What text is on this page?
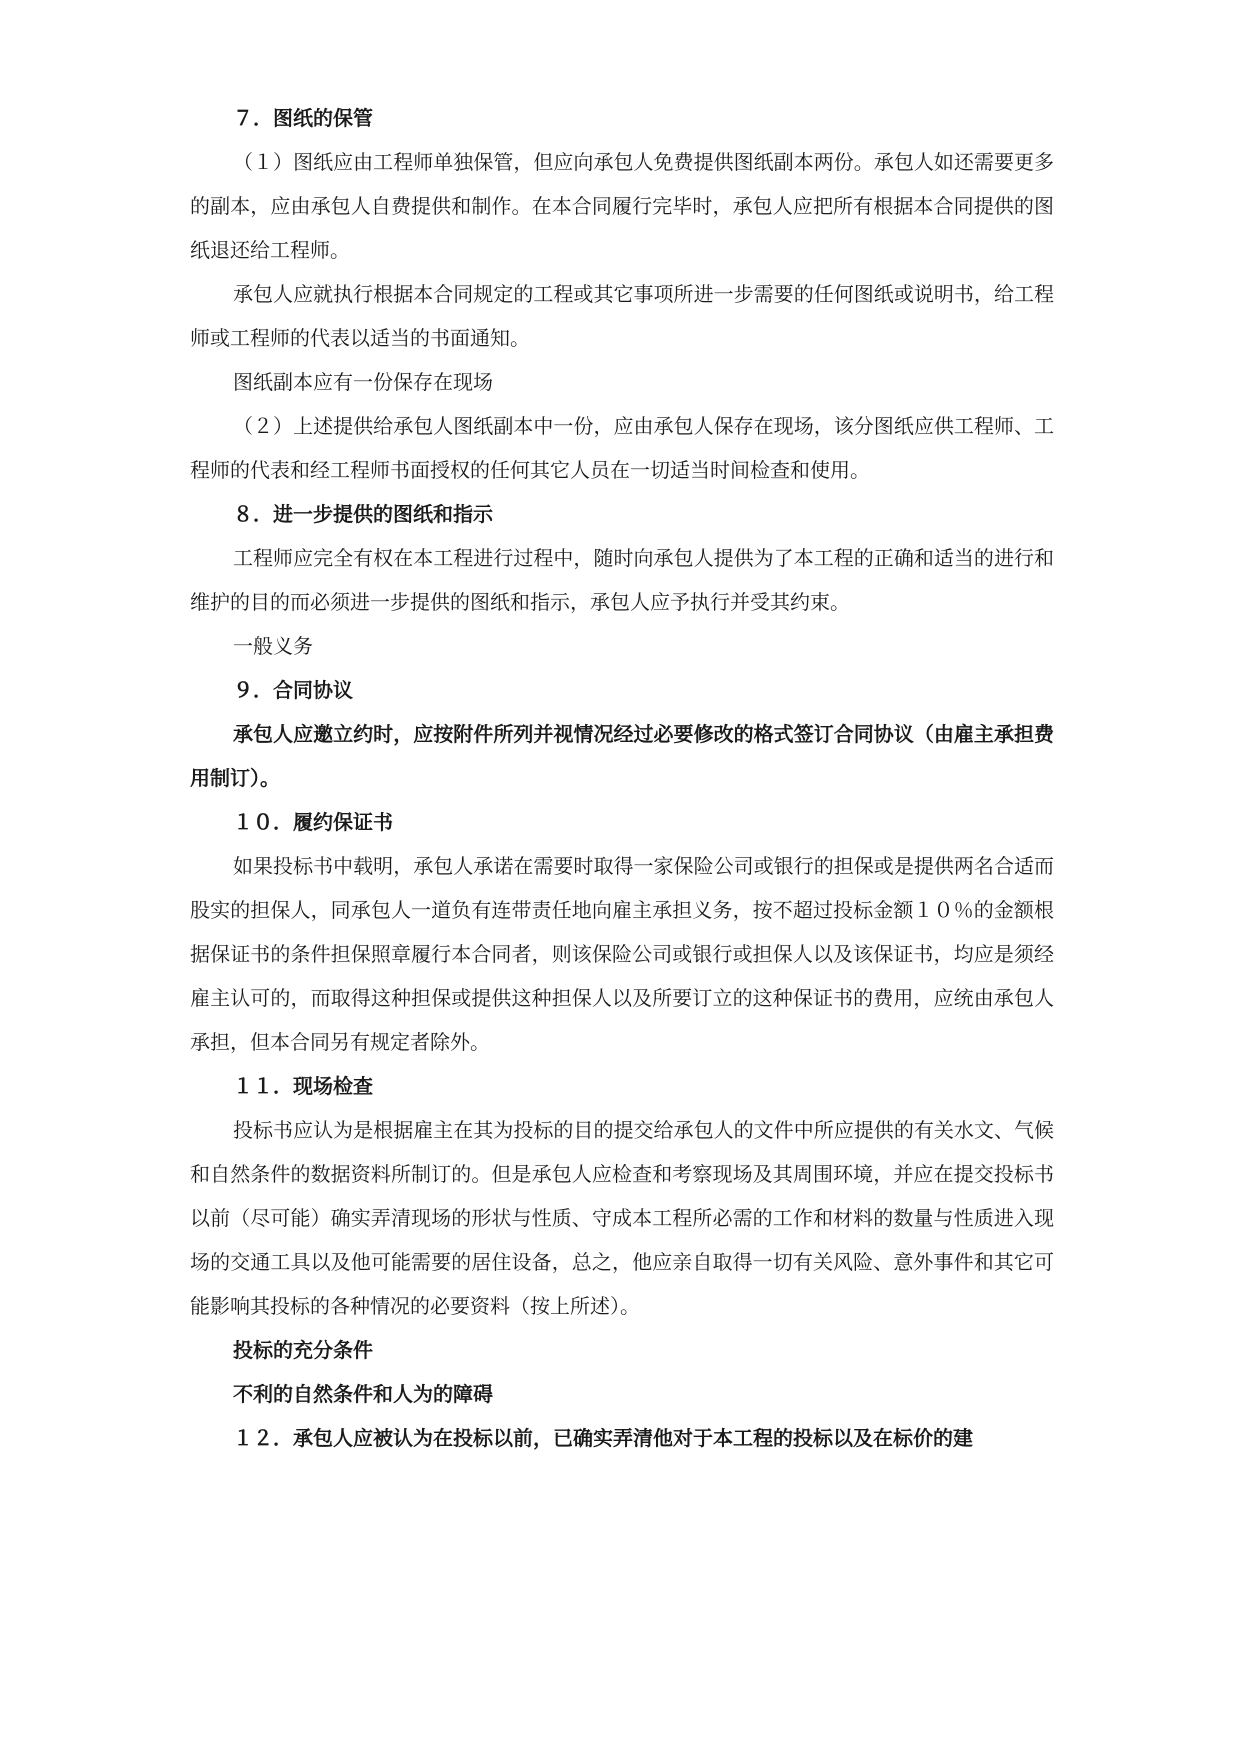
７．图纸的保管
（１）图纸应由工程师单独保管，但应向承包人免费提供图纸副本两份。承包人如还需要更多的副本，应由承包人自费提供和制作。在本合同履行完毕时，承包人应把所有根据本合同提供的图纸退还给工程师。
承包人应就执行根据本合同规定的工程或其它事项所进一步需要的任何图纸或说明书，给工程师或工程师的代表以适当的书面通知。
图纸副本应有一份保存在现场
（２）上述提供给承包人图纸副本中一份，应由承包人保存在现场，该分图纸应供工程师、工程师的代表和经工程师书面授权的任何其它人员在一切适当时间检查和使用。
８．进一步提供的图纸和指示
工程师应完全有权在本工程进行过程中，随时向承包人提供为了本工程的正确和适当的进行和维护的目的而必须进一步提供的图纸和指示，承包人应予执行并受其约束。
一般义务
９．合同协议
承包人应邀立约时，应按附件所列并视情况经过必要修改的格式签订合同协议（由雇主承担费用制订）。
１０．履约保证书
如果投标书中载明，承包人承诺在需要时取得一家保险公司或银行的担保或是提供两名合适而股实的担保人，同承包人一道负有连带责任地向雇主承担义务，按不超过投标金额１０％的金额根据保证书的条件担保照章履行本合同者，则该保险公司或银行或担保人以及该保证书，均应是须经雇主认可的，而取得这种担保或提供这种担保人以及所要订立的这种保证书的费用，应统由承包人承担，但本合同另有规定者除外。
１１．现场检查
投标书应认为是根据雇主在其为投标的目的提交给承包人的文件中所应提供的有关水文、气候和自然条件的数据资料所制订的。但是承包人应检查和考察现场及其周围环境，并应在提交投标书以前（尽可能）确实弄清现场的形状与性质、守成本工程所必需的工作和材料的数量与性质进入现场的交通工具以及他可能需要的居住设备，总之，他应亲自取得一切有关风险、意外事件和其它可能影响其投标的各种情况的必要资料（按上所述）。
投标的充分条件
不利的自然条件和人为的障碍
１２．承包人应被认为在投标以前，已确实弄清他对于本工程的投标以及在标价的建
